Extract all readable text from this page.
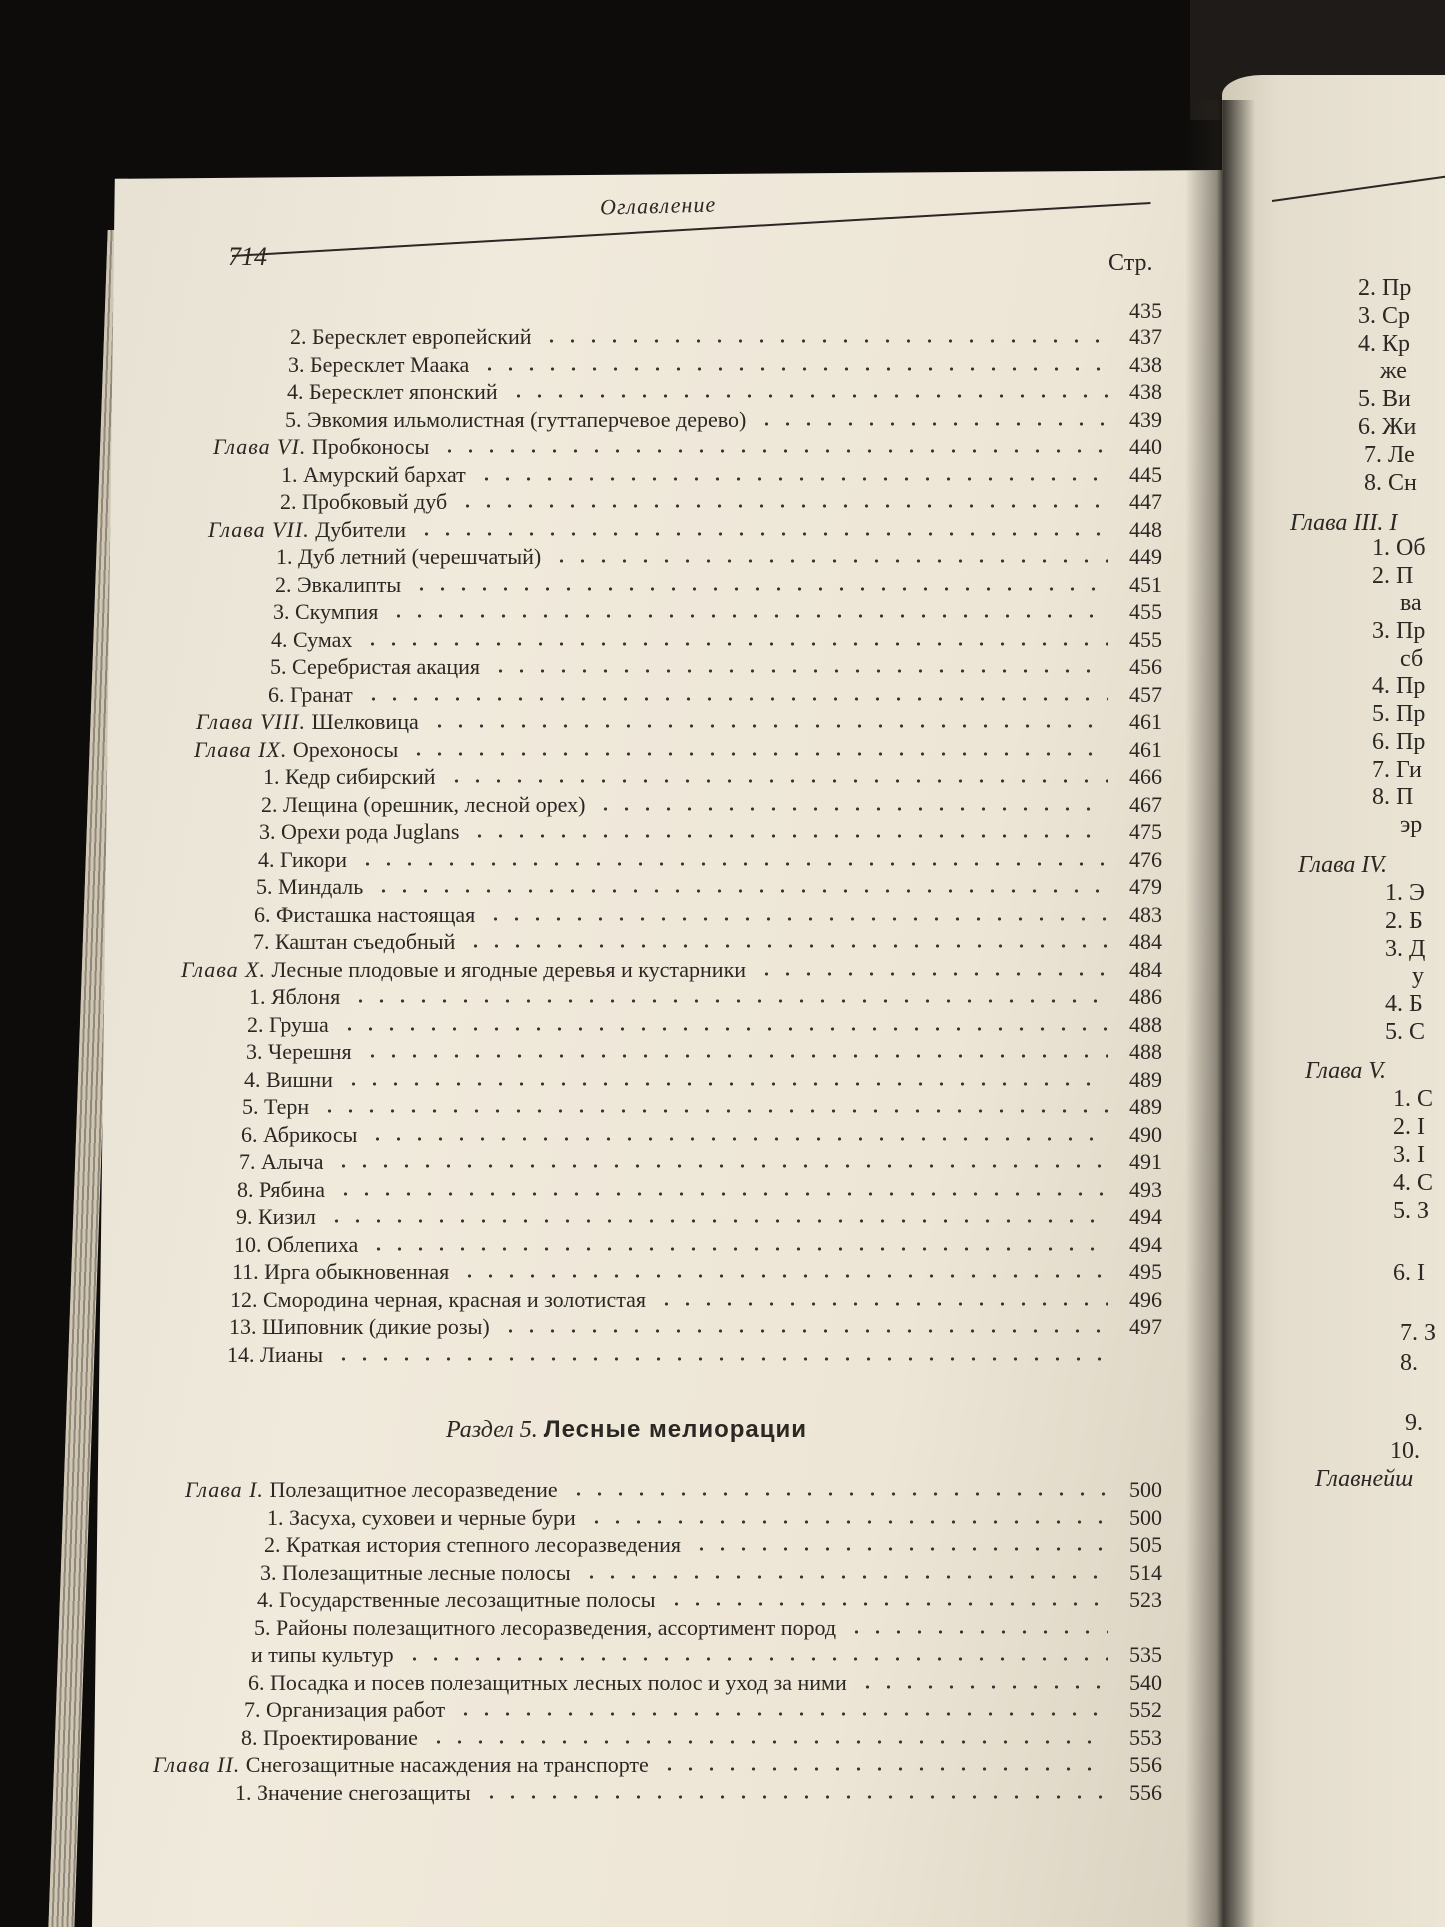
Оглавление
714	Стр.
435
2. Бересклет европейский	437
3. Бересклет Маака	438
4. Бересклет японский	438
5. Эвкомия ильмолистная (гуттаперчевое дерево)	439
Глава VI. Пробконосы	440
1. Амурский бархат	445
2. Пробковый дуб	447
Глава VII. Дубители	448
1. Дуб летний (черешчатый)	449
2. Эвкалипты	451
3. Скумпия	455
4. Сумах	455
5. Серебристая акация	456
6. Гранат	457
Глава VIII. Шелковица	461
Глава IX. Орехоносы	461
1. Кедр сибирский	466
2. Лещина (орешник, лесной орех)	467
3. Орехи рода Juglans	475
4. Гикори	476
5. Миндаль	479
6. Фисташка настоящая	483
7. Каштан съедобный	484
Глава X. Лесные плодовые и ягодные деревья и кустарники	484
1. Яблоня	486
2. Груша	488
3. Черешня	488
4. Вишни	489
5. Терн	489
6. Абрикосы	490
7. Алыча	491
8. Рябина	493
9. Кизил	494
10. Облепиха	494
11. Ирга обыкновенная	495
12. Смородина черная, красная и золотистая	496
13. Шиповник (дикие розы)	497
14. Лианы
Раздел 5. Лесные мелиорации
Глава I. Полезащитное лесоразведение	500
1. Засуха, суховеи и черные бури	500
2. Краткая история степного лесоразведения	505
3. Полезащитные лесные полосы	514
4. Государственные лесозащитные полосы	523
5. Районы полезащитного лесоразведения, ассортимент пород
и типы культур	535
6. Посадка и посев полезащитных лесных полос и уход за ними	540
7. Организация работ	552
8. Проектирование	553
Глава II. Снегозащитные насаждения на транспорте	556
1. Значение снегозащиты	556
2. Пр
3. Ср
4. Кр
же
5. Ви
6. Жи
7. Ле
8. Сн
Глава III. I
1. Об
2. П
ва
3. Пр
сб
4. Пр
5. Пр
6. Пр
7. Ги
8. П
эр
Глава IV.
1. Э
2. Б
3. Д
у
4. Б
5. С
Глава V.
1. С
2. І
3. І
4. С
5. З
6. І
7. З
8.
9.
10.
Главнейш
